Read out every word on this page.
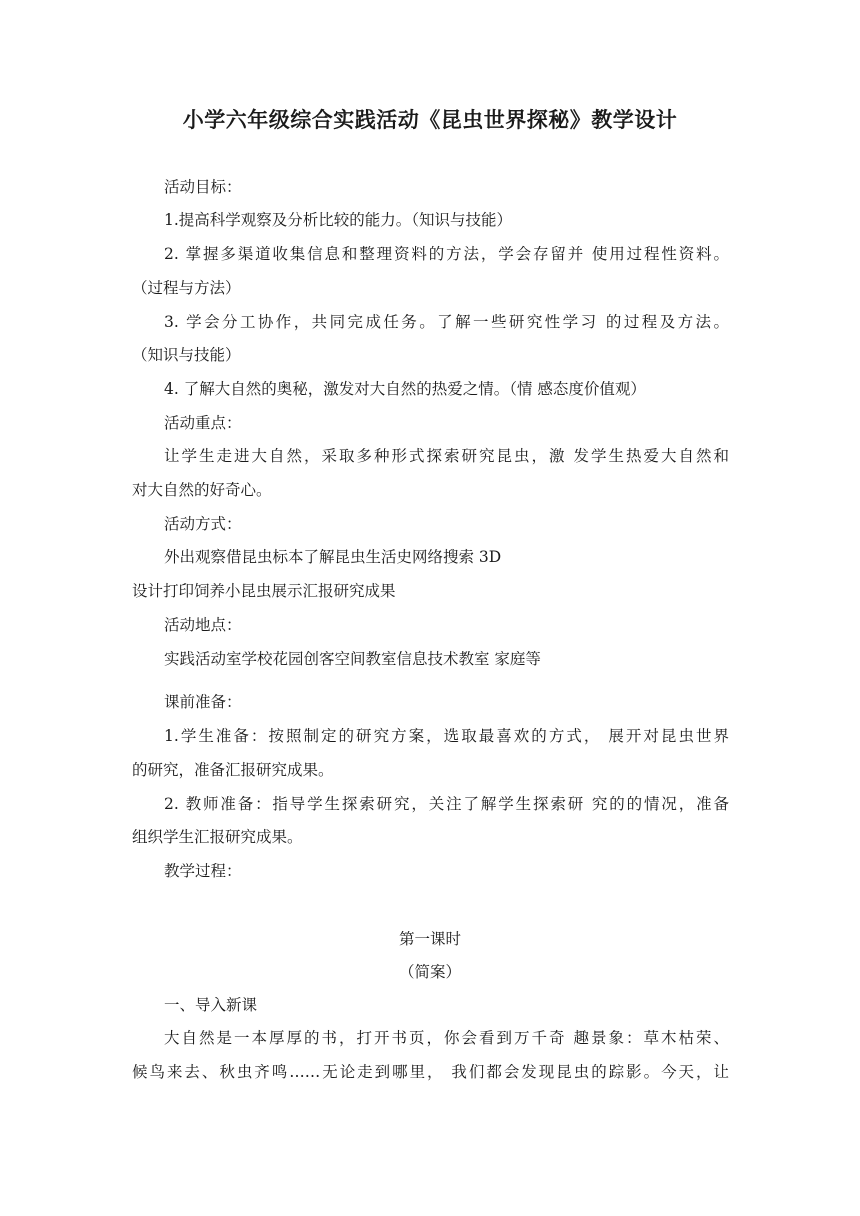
小学六年级综合实践活动《昆虫世界探秘》教学设计
活动目标：
1.提高科学观察及分析比较的能力。（知识与技能）
2. 掌握多渠道收集信息和整理资料的方法，学会存留并 使用过程性资料。
（过程与方法）
3. 学会分工协作，共同完成任务。了解一些研究性学习 的过程及方法。
（知识与技能）
4. 了解大自然的奥秘，激发对大自然的热爱之情。（情 感态度价值观）
活动重点：
让学生走进大自然，采取多种形式探索研究昆虫，激 发学生热爱大自然和
对大自然的好奇心。
活动方式：
外出观察借昆虫标本了解昆虫生活史网络搜索 3D
设计打印饲养小昆虫展示汇报研究成果
活动地点：
实践活动室学校花园创客空间教室信息技术教室 家庭等
课前准备：
1.学生准备：按照制定的研究方案，选取最喜欢的方式， 展开对昆虫世界
的研究，准备汇报研究成果。
2. 教师准备：指导学生探索研究，关注了解学生探索研 究的的情况，准备
组织学生汇报研究成果。
教学过程：
第一课时
（简案）
一、导入新课
大自然是一本厚厚的书，打开书页，你会看到万千奇 趣景象：草木枯荣、
候鸟来去、秋虫齐鸣……无论走到哪里， 我们都会发现昆虫的踪影。今天，让
